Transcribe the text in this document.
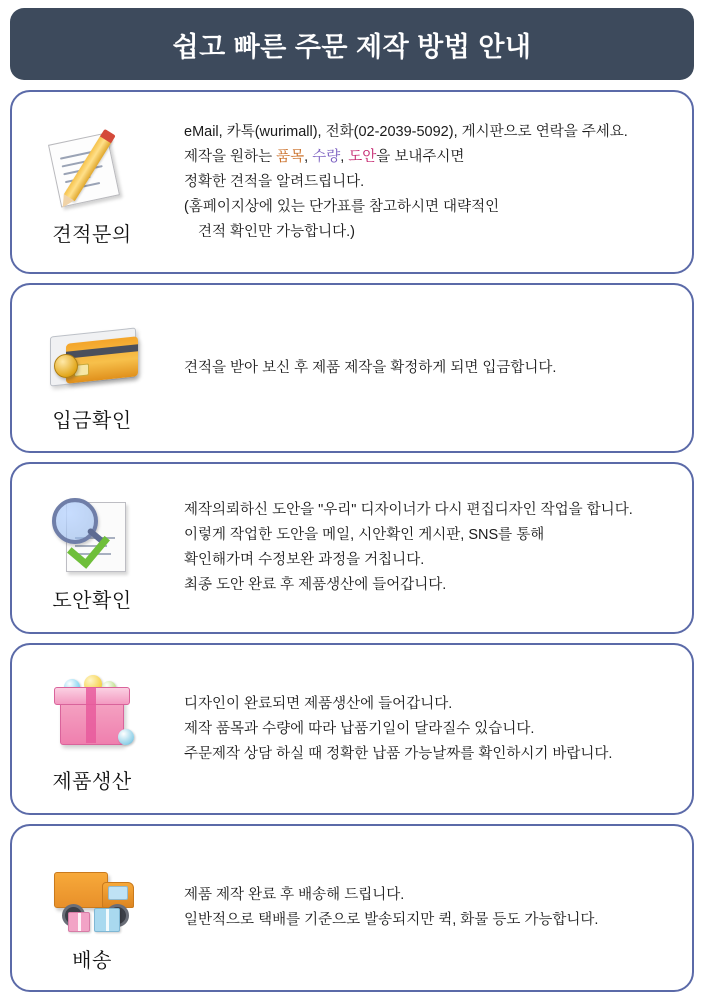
쉽고 빠른 주문 제작 방법 안내
견적문의
eMail, 카톡(wurimall), 전화(02-2039-5092), 게시판으로 연락을 주세요.
제작을 원하는 품목, 수량, 도안을 보내주시면
정확한 견적을 알려드립니다.
(홈페이지상에 있는 단가표를 참고하시면 대략적인
견적 확인만 가능합니다.)
입금확인
견적을 받아 보신 후 제품 제작을 확정하게 되면 입금합니다.
도안확인
제작의뢰하신 도안을 "우리" 디자이너가 다시 편집디자인 작업을 합니다.
이렇게 작업한 도안을 메일, 시안확인 게시판, SNS를 통해
확인해가며 수정보완 과정을 거칩니다.
최종 도안 완료 후 제품생산에 들어갑니다.
제품생산
디자인이 완료되면 제품생산에 들어갑니다.
제작 품목과 수량에 따라 납품기일이 달라질수 있습니다.
주문제작 상담 하실 때 정확한 납품 가능날짜를 확인하시기 바랍니다.
배송
제품 제작 완료 후 배송해 드립니다.
일반적으로 택배를 기준으로 발송되지만 퀵, 화물 등도 가능합니다.
